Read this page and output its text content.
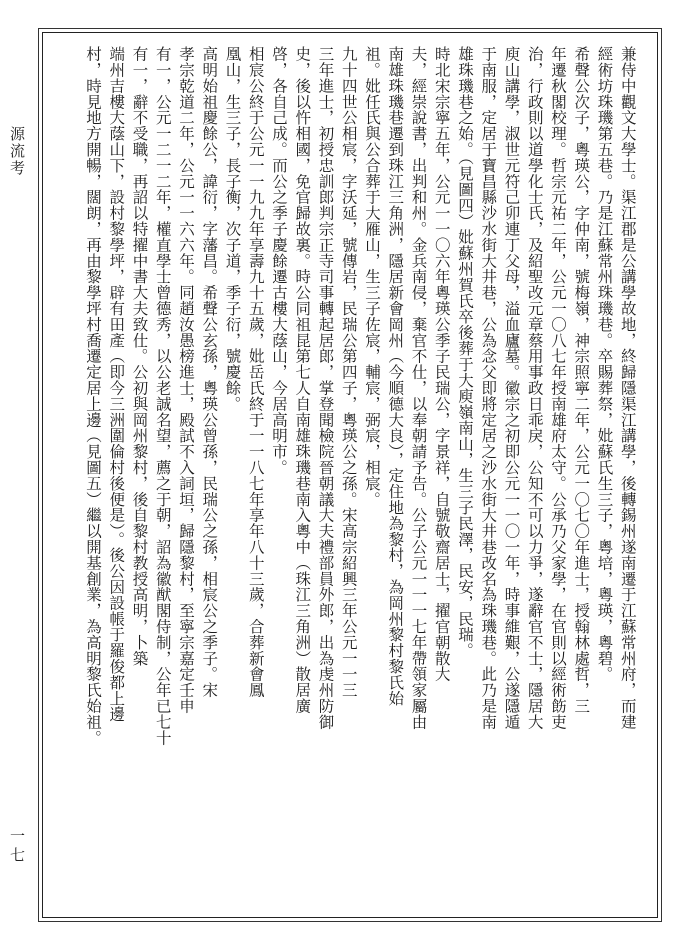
源流考
一七
兼侍中觀文大學士。渠江郡是公講學故地，終歸隱渠江講學，後轉錫州遂南遷于江蘇常州府，而建
經術坊珠璣第五巷。乃是江蘇常州珠璣巷。卒賜葬祭，妣蘇氏生三子，粵培，粵瑛，粵碧。
希聲公次子，粵瑛公，字仲南，號梅嶺，神宗照寧二年，公元一〇七〇年進士，授翰林處哲，三
年遷秋閣校理。哲宗元祐二年，公元一〇八七年授南雄府太守。公承乃父家學，在官則以經術飭吏
治，行政則以道學化士氏，及紹聖改元章蔡用事政日乖戾，公知不可以力爭，遂辭官不士，隱居大
庾山講學，淑世元符己卯連丁父母，溢血廬墓。徽宗之初即公元一一〇一年，時事維艱，公遂隱遁
于南服，定居于寶昌縣沙水街大井巷，公為念父即將定居之沙水街大井巷改名為珠璣巷。此乃是南
雄珠璣巷之始。（見圖四）妣蘇州賀氏卒後葬于大庾嶺南山，生三子民澤，民安，民瑞。
時北宋宗寧五年，公元一一〇六年粵瑛公季子民瑞公，字景祥，自號敬齋居士，擢官朝散大
夫，經崇說書，出判和州。金兵南侵，棄官不仕，以奉朝請予告。公子公元一一一七年帶領家屬由
南雄珠璣巷遷到珠江三角洲，隱居新會岡州（今順德大良），定住地為黎村，為岡州黎村黎氏始
祖。妣任氏與公合葬于大雁山，生三子佐宸，輔宸，弼宸，相宸。
九十四世公相宸，字沃延，號傳岩，民瑞公第四子，粵瑛公之孫。宋高宗紹興三年公元一一三
三年進士，初授忠訓郎判宗正寺司事轉起居郎，掌登聞檢院晉朝議大夫禮部員外郎，出為虔州防御
史，後以忤相國，免官歸故裏。時公同祖昆第七人自南雄珠璣巷南入粵中（珠江三角洲）散居廣
啓，各自己成。而公之季子慶餘遷古樓大蔭山，今居高明市。
相宸公終于公元一一九九年享壽九十五歲，妣岳氏終于一一八七年享年八十三歲，合葬新會鳳
凰山，生三子，長子衡，次子道，季子衍，號慶餘。
高明始祖慶餘公，諱衍，字藩昌。希聲公玄孫，粵瑛公曾孫，民瑞公之孫，相宸公之季子。宋
孝宗乾道二年，公元一一六六年。同趙汝愚榜進士，殿試不入詞垣，歸隱黎村，至寧宗嘉定壬申
有一，公元一二一二年，權直學士曾德秀，以公老誠名望，薦之于朝，詔為徽猷閣侍制，公年已七十
有一，辭不受職，再詔以特擢中書大夫致仕。公初與岡州黎村，後自黎村教授高明，卜築
端州吉樓大蔭山下，設村黎學坪，辟有田產（即今三洲圍倫村後便是）。後公因設帳于羅俊都上邊
村，時見地方開暢，闊朗，再由黎學坪村喬遷定居上邊（見圖五）繼以開基創業，為高明黎氏始祖。
